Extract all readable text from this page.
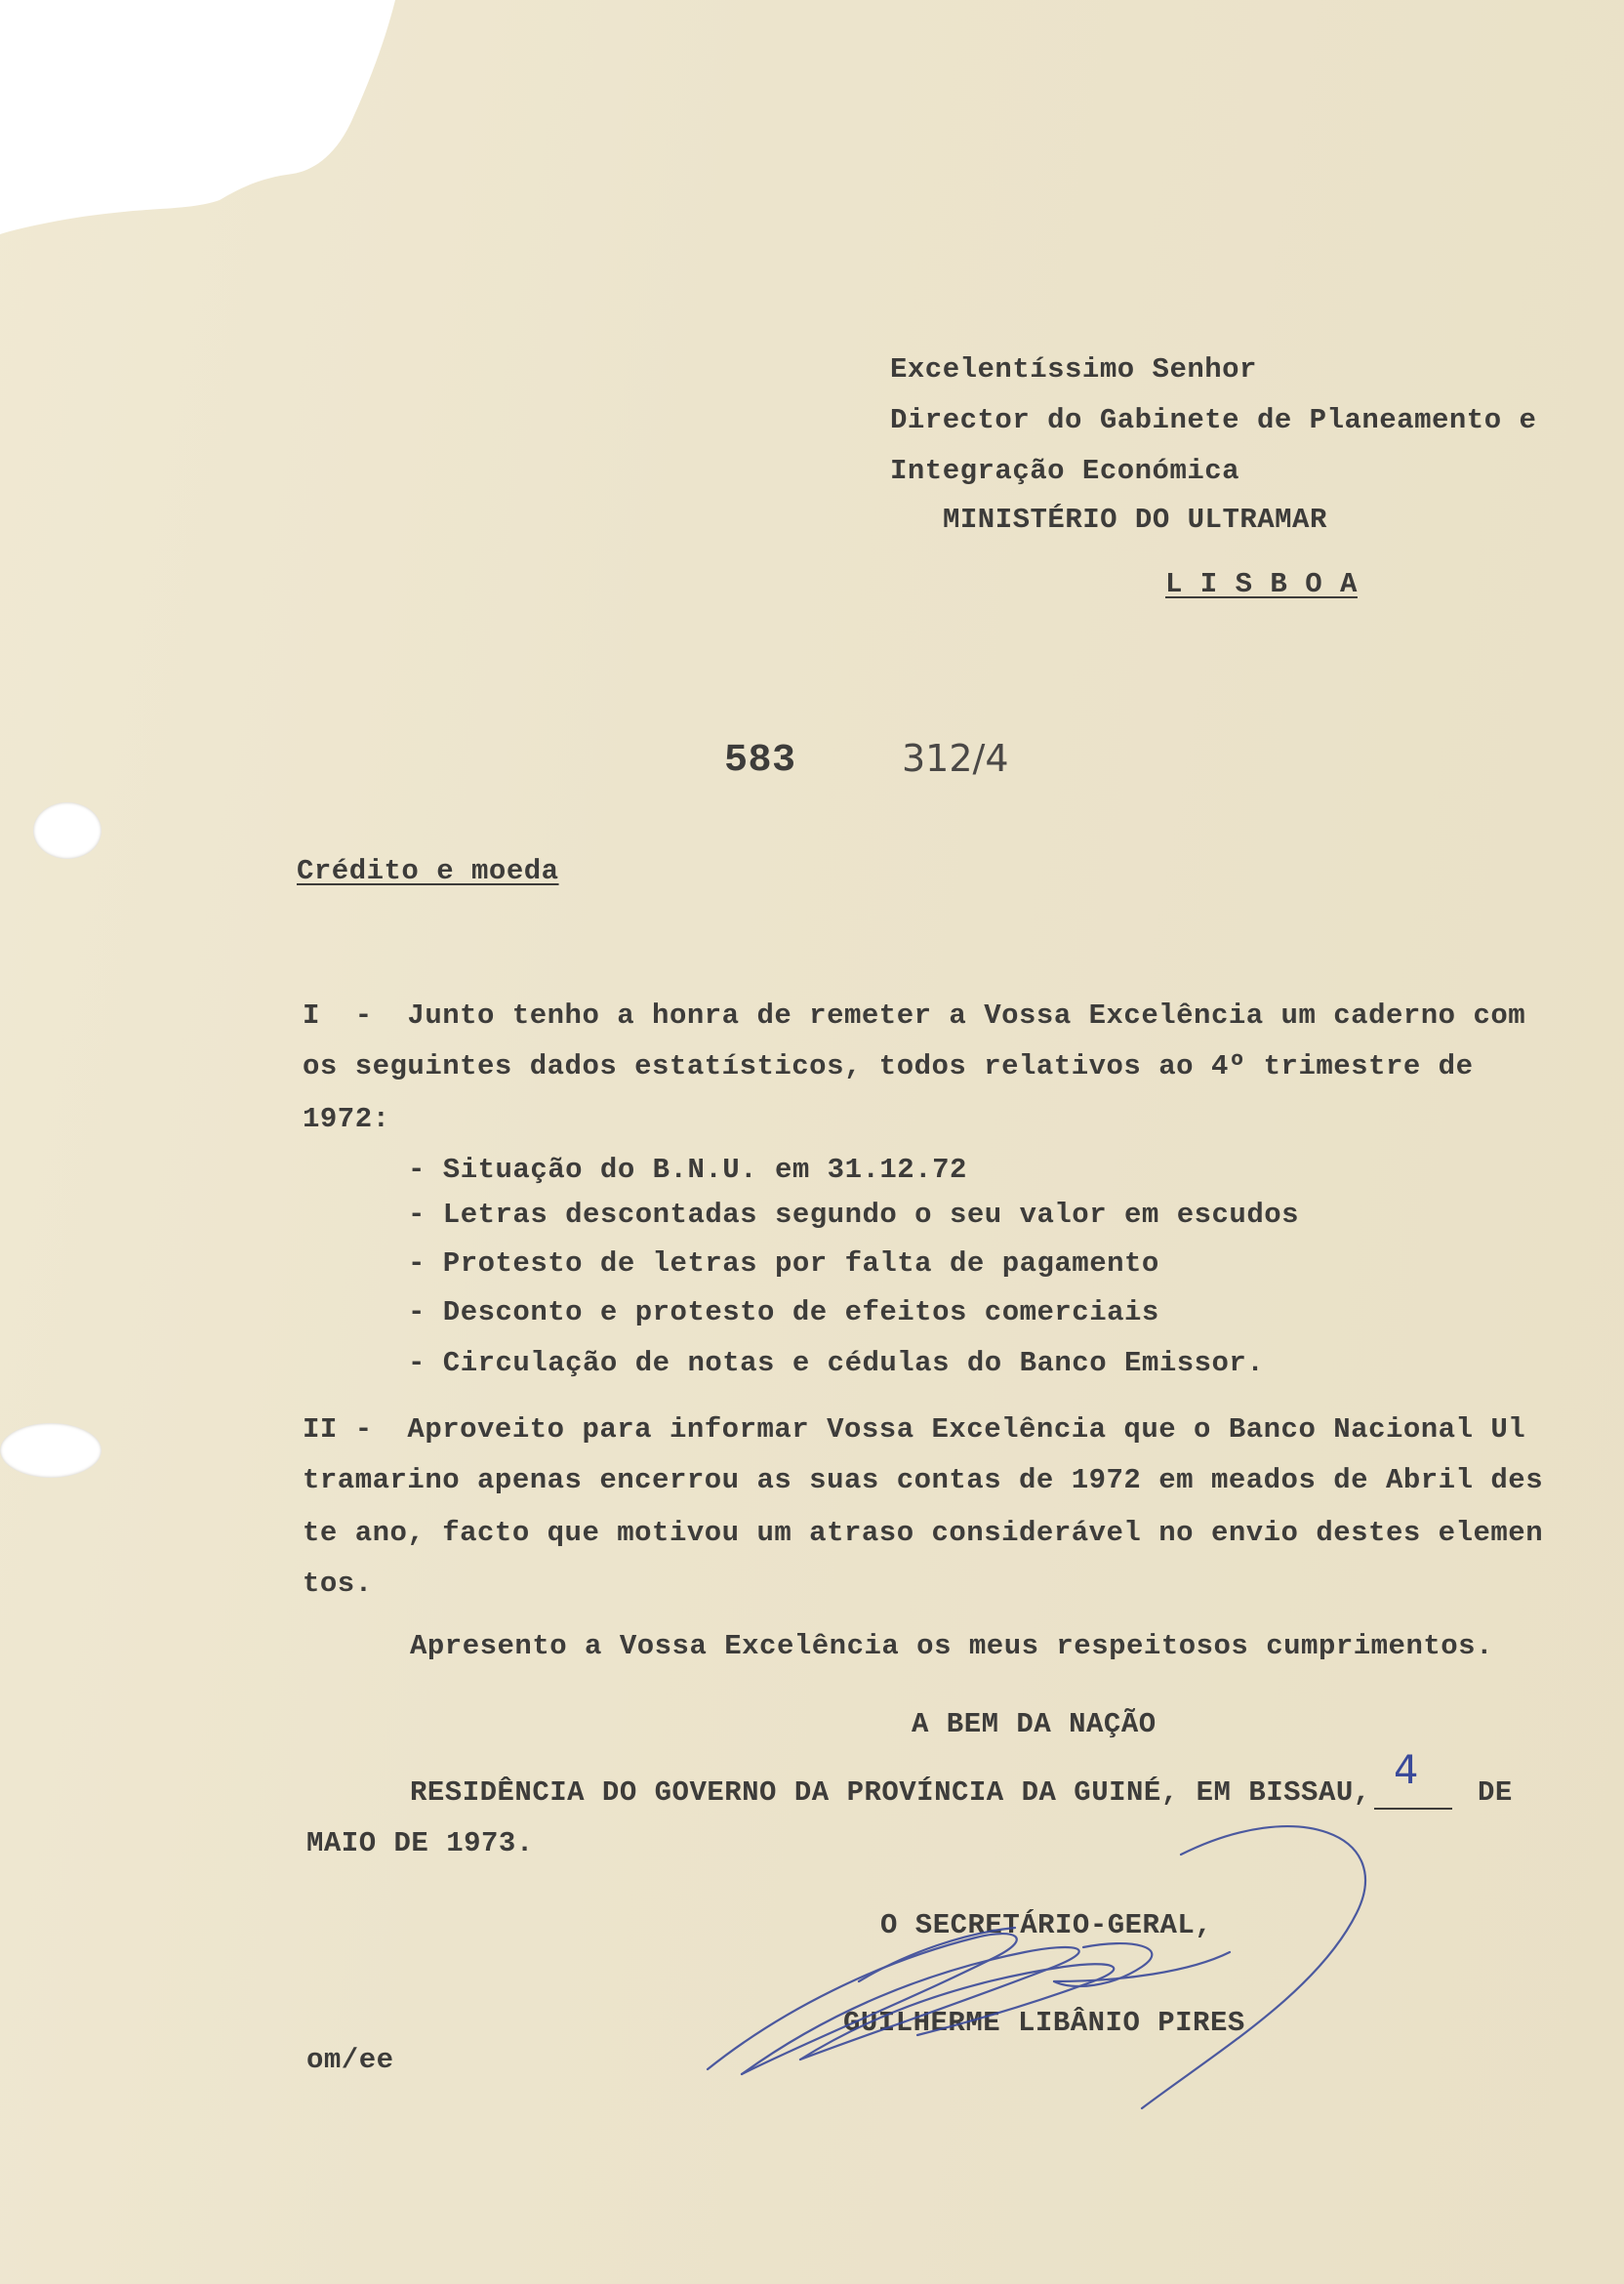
Excelentíssimo Senhor
Director do Gabinete de Planeamento e
Integração Económica
MINISTÉRIO DO ULTRAMAR
L I S B O A
583	312/4
Crédito e moeda
I  -  Junto tenho a honra de remeter a Vossa Excelência um caderno com
os seguintes dados estatísticos, todos relativos ao 4º trimestre de
1972:
- Situação do B.N.U. em 31.12.72
- Letras descontadas segundo o seu valor em escudos
- Protesto de letras por falta de pagamento
- Desconto e protesto de efeitos comerciais
- Circulação de notas e cédulas do Banco Emissor.
II -  Aproveito para informar Vossa Excelência que o Banco Nacional Ul
tramarino apenas encerrou as suas contas de 1972 em meados de Abril des
te ano, facto que motivou um atraso considerável no envio destes elemen
tos.
Apresento a Vossa Excelência os meus respeitosos cumprimentos.
A BEM DA NAÇÃO
RESIDÊNCIA DO GOVERNO DA PROVÍNCIA DA GUINÉ, EM BISSAU, 4 DE
MAIO DE 1973.
O SECRETÁRIO-GERAL,
GUILHERME LIBÂNIO PIRES
om/ee
